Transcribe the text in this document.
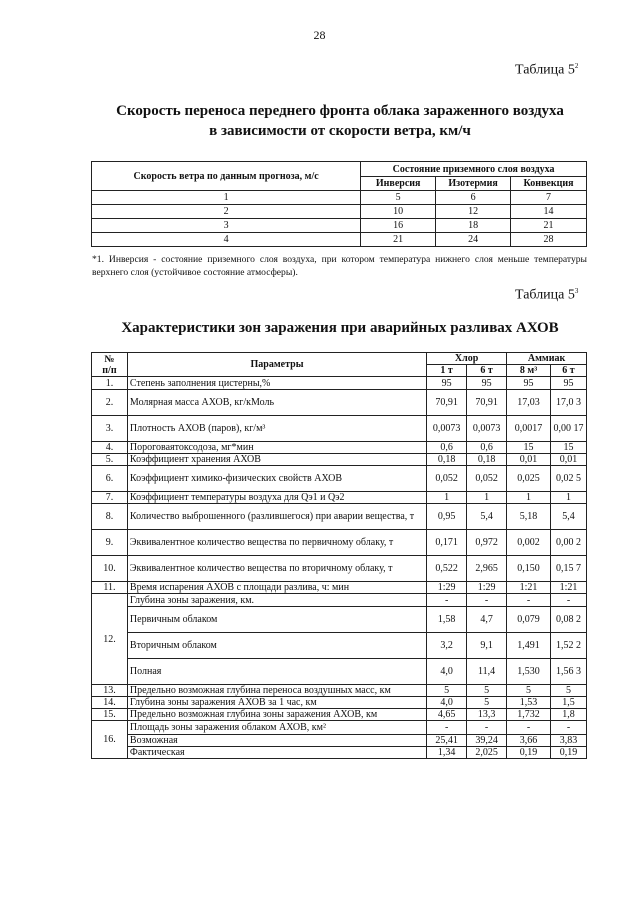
28
Таблица $5^2$
Скорость переноса переднего фронта облака зараженного воздуха
в зависимости от скорости ветра, км/ч
Скорость ветра по данным прогноза, м/с	Состояние приземного слоя воздуха		
	Инверсия	Изотермия	Конвекция
1	5	6	7
2	10	12	14
3	16	18	21
4	21	24	28
*1. Инверсия - состояние приземного слоя воздуха, при котором температура нижнего слоя меньше температуры верхнего слоя (устойчивое состояние атмосферы).
Таблица $5^3$
Характеристики зон заражения при аварийных разливах АХОВ
№
п/п	Параметры	Хлор		Аммиак	
		1 т	6 т	8 м³	6 т
1.	Степень заполнения цистерны,%	95	95	95	95
2.	Молярная масса АХОВ, кг/кМоль	70,91	70,91	17,03	17,0 3
3.	Плотность АХОВ (паров), кг/м³	0,0073	0,0073	0,0017	0,00 17
4.	Пороговаятоксодоза, мг*мин	0,6	0,6	15	15
5.	Коэффициент хранения АХОВ	0,18	0,18	0,01	0,01
6.	Коэффициент химико-физических свойств АХОВ	0,052	0,052	0,025	0,02 5
7.	Коэффициент температуры воздуха для Qэ1 и Qэ2	1	1	1	1
8.	Количество выброшенного (разлившегося) при аварии вещества, т	0,95	5,4	5,18	5,4
9.	Эквивалентное количество вещества по первичному облаку, т	0,171	0,972	0,002	0,00 2
10.	Эквивалентное количество вещества по вторичному облаку, т	0,522	2,965	0,150	0,15 7
11.	Время испарения АХОВ с площади разлива, ч: мин	1:29	1:29	1:21	1:21
12.	Глубина зоны заражения, км.	-	-	-	-
	Первичным облаком	1,58	4,7	0,079	0,08 2
	Вторичным облаком	3,2	9,1	1,491	1,52 2
	Полная	4,0	11,4	1,530	1,56 3
13.	Предельно возможная глубина переноса воздушных масс, км	5	5	5	5
14.	Глубина зоны заражения АХОВ за 1 час, км	4,0	5	1,53	1,5
15.	Предельно возможная глубина зоны заражения АХОВ, км	4,65	13,3	1,732	1,8
16.	Площадь зоны заражения облаком АХОВ, км²	-	-	-	-
	Возможная	25,41	39,24	3,66	3,83
	Фактическая	1,34	2,025	0,19	0,19
